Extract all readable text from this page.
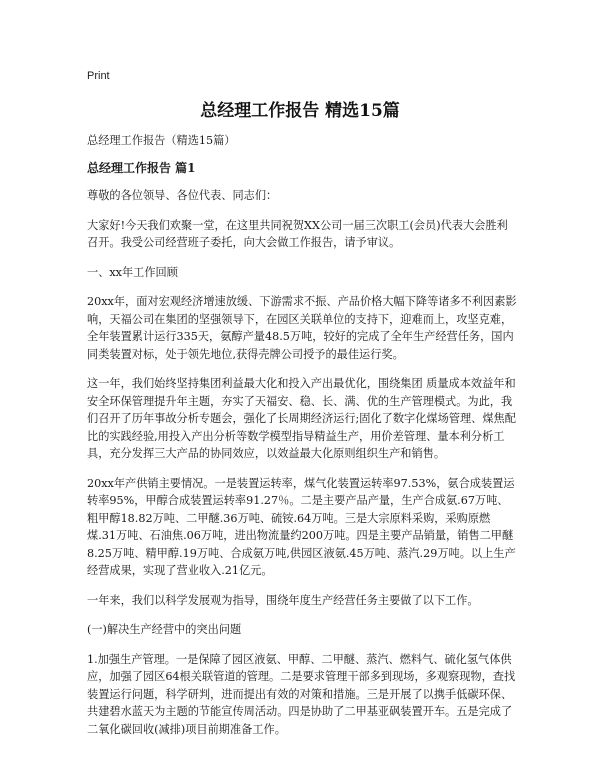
Print
总经理工作报告 精选15篇

总经理工作报告（精选15篇）

总经理工作报告 篇1

尊敬的各位领导、各位代表、同志们：

大家好!今天我们欢聚一堂，在这里共同祝贺XX公司一届三次职工(会员)代表大会胜利召开。我受公司经营班子委托，向大会做工作报告，请予审议。

一、xx年工作回顾

20xx年，面对宏观经济增速放缓、下游需求不振、产品价格大幅下降等诸多不利因素影响，天福公司在集团的坚强领导下，在园区关联单位的支持下，迎难而上，攻坚克难，全年装置累计运行335天，氨醇产量48.5万吨，较好的完成了全年生产经营任务，国内同类装置对标，处于领先地位,获得壳牌公司授予的最佳运行奖。

这一年，我们始终坚持集团利益最大化和投入产出最优化，围绕集团 质量成本效益年和安全环保管理提升年主题，夯实了天福安、稳、长、满、优的生产管理模式。为此，我们召开了历年事故分析专题会，强化了长周期经济运行;固化了数字化煤场管理、煤焦配比的实践经验,用投入产出分析等数学模型指导精益生产，用价差管理、量本利分析工具，充分发挥三大产品的协同效应，以效益最大化原则组织生产和销售。

20xx年产供销主要情况。一是装置运转率，煤气化装置运转率97.53%，氨合成装置运转率95%，甲醇合成装置运转率91.27％。二是主要产品产量，生产合成氨.67万吨、粗甲醇18.82万吨、二甲醚.36万吨、硫铵.64万吨。三是大宗原料采购，采购原燃煤.31万吨、石油焦.06万吨，进出物流量约200万吨。四是主要产品销量，销售二甲醚8.25万吨、精甲醇.19万吨、合成氨万吨,供园区液氨.45万吨、蒸汽.29万吨。以上生产经营成果，实现了营业收入.21亿元。

一年来，我们以科学发展观为指导，围绕年度生产经营任务主要做了以下工作。

(一)解决生产经营中的突出问题

1.加强生产管理。一是保障了园区液氨、甲醇、二甲醚、蒸汽、燃料气、硫化氢气体供应，加强了园区64根关联管道的管理。二是要求管理干部多到现场，多观察现物，查找装置运行问题，科学研判，进而提出有效的对策和措施。三是开展了以携手低碳环保、共建碧水蓝天为主题的节能宣传周活动。四是协助了二甲基亚砜装置开车。五是完成了二氧化碳回收(减排)项目前期准备工作。
